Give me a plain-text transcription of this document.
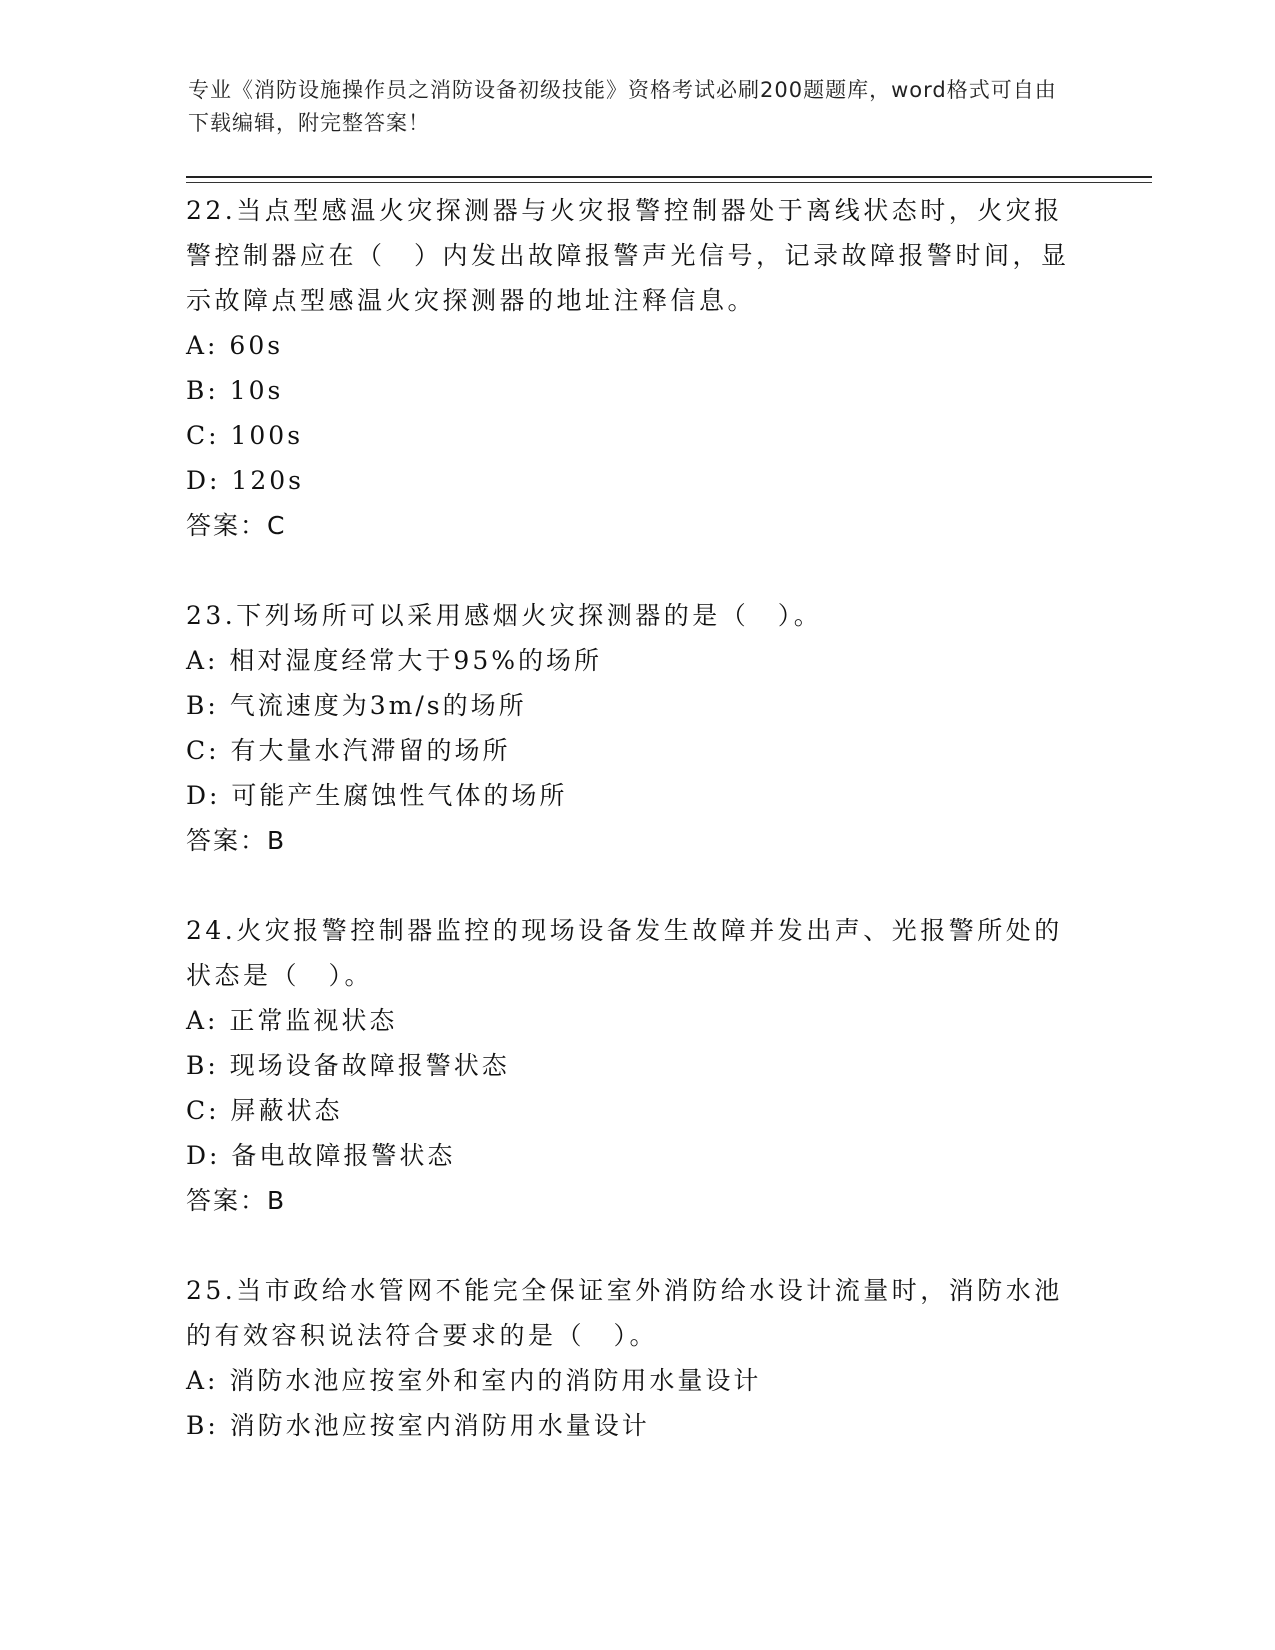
专业《消防设施操作员之消防设备初级技能》资格考试必刷200题题库，word格式可自由下载编辑，附完整答案！
22.当点型感温火灾探测器与火灾报警控制器处于离线状态时，火灾报警控制器应在（　）内发出故障报警声光信号，记录故障报警时间，显示故障点型感温火灾探测器的地址注释信息。
A: 60s
B: 10s
C: 100s
D: 120s
答案：C
23.下列场所可以采用感烟火灾探测器的是（　）。
A: 相对湿度经常大于95%的场所
B: 气流速度为3m/s的场所
C: 有大量水汽滞留的场所
D: 可能产生腐蚀性气体的场所
答案：B
24.火灾报警控制器监控的现场设备发生故障并发出声、光报警所处的状态是（　）。
A: 正常监视状态
B: 现场设备故障报警状态
C: 屏蔽状态
D: 备电故障报警状态
答案：B
25.当市政给水管网不能完全保证室外消防给水设计流量时，消防水池的有效容积说法符合要求的是（　）。
A: 消防水池应按室外和室内的消防用水量设计
B: 消防水池应按室内消防用水量设计
